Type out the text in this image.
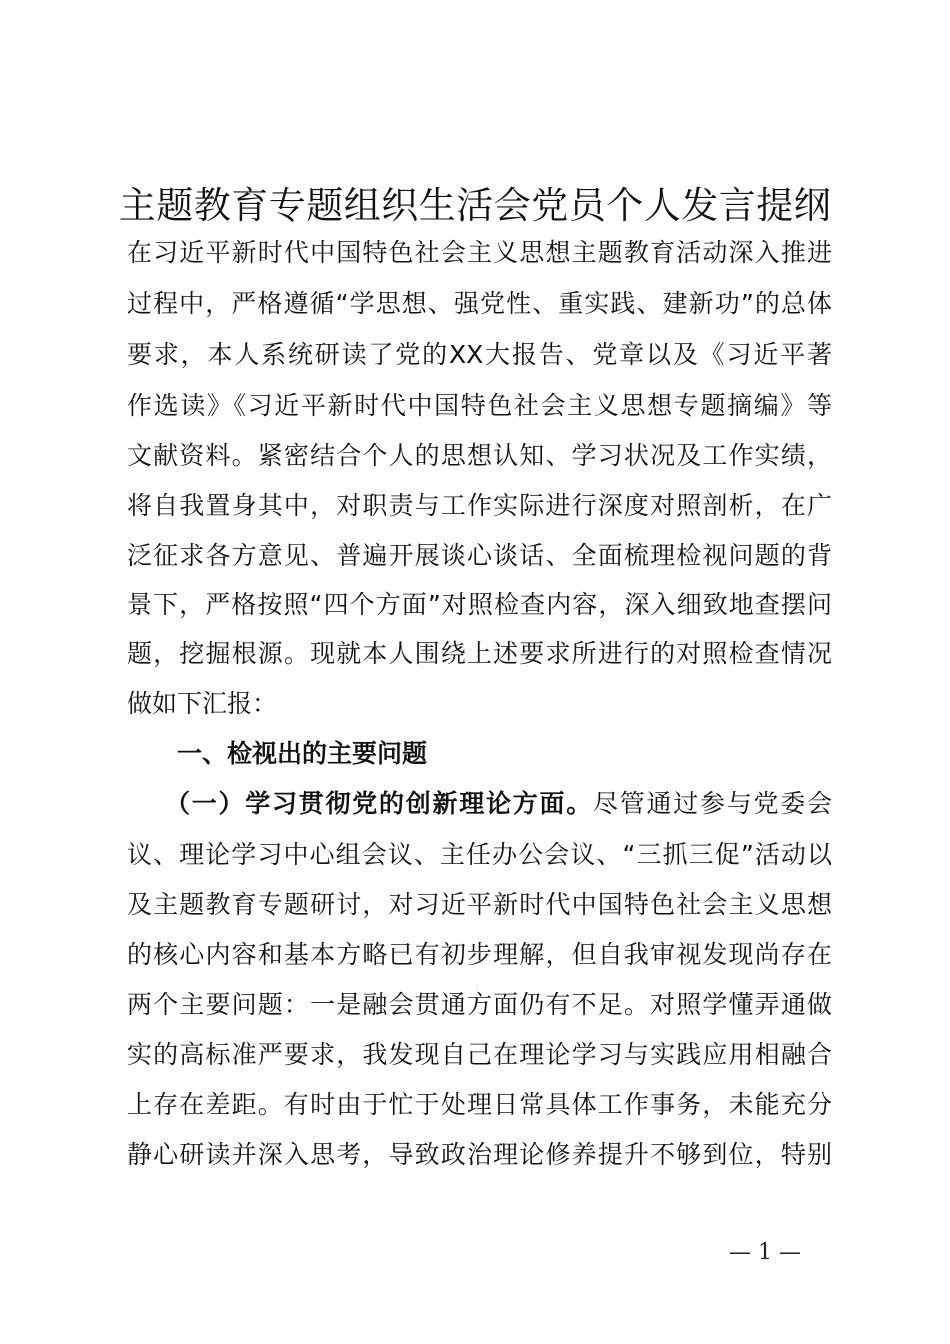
主题教育专题组织生活会党员个人发言提纲
在习近平新时代中国特色社会主义思想主题教育活动深入推进
过程中，严格遵循“学思想、强党性、重实践、建新功”的总体
要求，本人系统研读了党的XX大报告、党章以及《习近平著
作选读》《习近平新时代中国特色社会主义思想专题摘编》等
文献资料。紧密结合个人的思想认知、学习状况及工作实绩，
将自我置身其中，对职责与工作实际进行深度对照剖析，在广
泛征求各方意见、普遍开展谈心谈话、全面梳理检视问题的背
景下，严格按照“四个方面”对照检查内容，深入细致地查摆问
题，挖掘根源。现就本人围绕上述要求所进行的对照检查情况
做如下汇报：
一、检视出的主要问题
（一）学习贯彻党的创新理论方面。尽管通过参与党委会
议、理论学习中心组会议、主任办公会议、“三抓三促”活动以
及主题教育专题研讨，对习近平新时代中国特色社会主义思想
的核心内容和基本方略已有初步理解，但自我审视发现尚存在
两个主要问题：一是融会贯通方面仍有不足。对照学懂弄通做
实的高标准严要求，我发现自己在理论学习与实践应用相融合
上存在差距。有时由于忙于处理日常具体工作事务，未能充分
静心研读并深入思考，导致政治理论修养提升不够到位，特别
— 1 —
